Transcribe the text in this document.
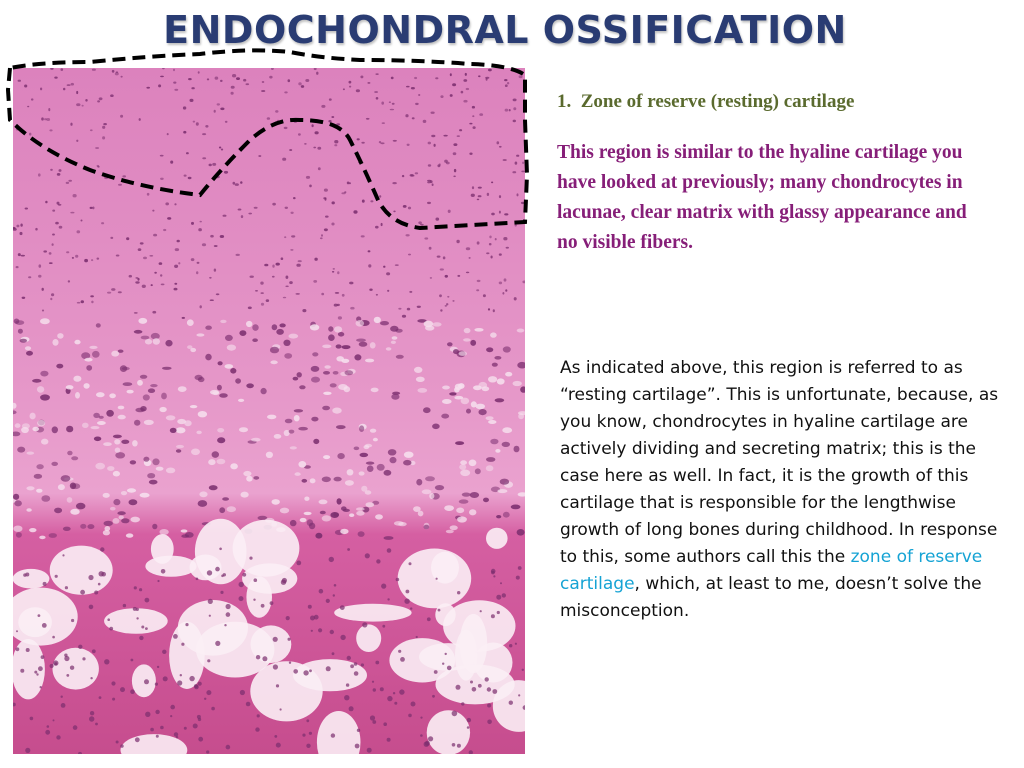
ENDOCHONDRAL OSSIFICATION
1. Zone of reserve (resting) cartilage
This region is similar to the hyaline cartilage you have looked at previously; many chondrocytes in lacunae, clear matrix with glassy appearance and no visible fibers.
As indicated above, this region is referred to as “resting cartilage”. This is unfortunate, because, as you know, chondrocytes in hyaline cartilage are actively dividing and secreting matrix; this is the case here as well. In fact, it is the growth of this cartilage that is responsible for the lengthwise growth of long bones during childhood. In response to this, some authors call this the zone of reserve cartilage, which, at least to me, doesn’t solve the misconception.
